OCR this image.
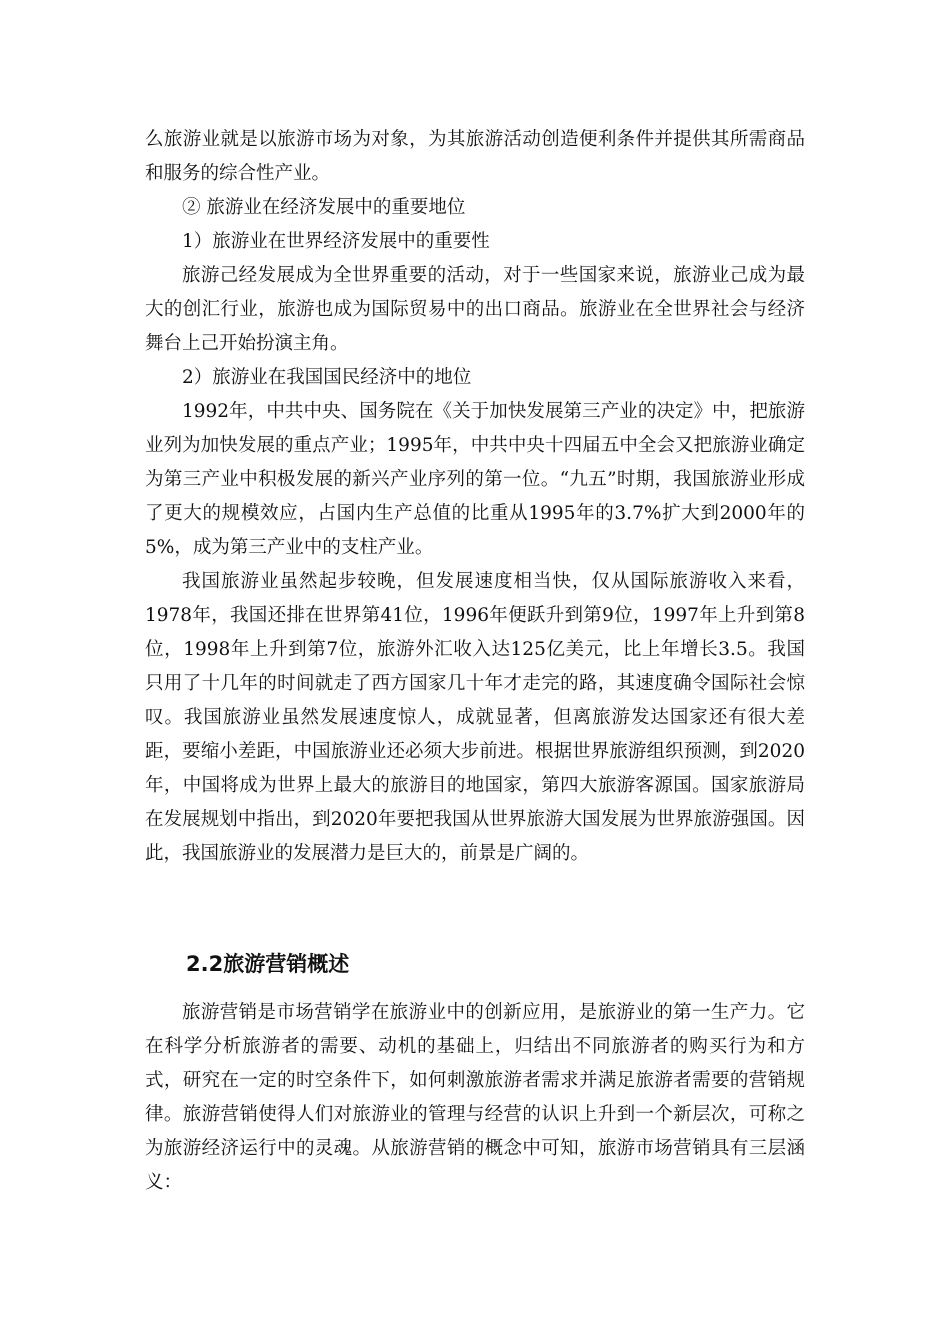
么旅游业就是以旅游市场为对象，为其旅游活动创造便利条件并提供其所需商品和服务的综合性产业。

② 旅游业在经济发展中的重要地位

1）旅游业在世界经济发展中的重要性

旅游己经发展成为全世界重要的活动，对于一些国家来说，旅游业己成为最大的创汇行业，旅游也成为国际贸易中的出口商品。旅游业在全世界社会与经济舞台上己开始扮演主角。

2）旅游业在我国国民经济中的地位

1992年，中共中央、国务院在《关于加快发展第三产业的决定》中，把旅游业列为加快发展的重点产业；1995年，中共中央十四届五中全会又把旅游业确定为第三产业中积极发展的新兴产业序列的第一位。“九五”时期，我国旅游业形成了更大的规模效应，占国内生产总值的比重从1995年的3.7%扩大到2000年的5%，成为第三产业中的支柱产业。

我国旅游业虽然起步较晚，但发展速度相当快，仅从国际旅游收入来看，1978年，我国还排在世界第41位，1996年便跃升到第9位，1997年上升到第8位，1998年上升到第7位，旅游外汇收入达125亿美元，比上年增长3.5。我国只用了十几年的时间就走了西方国家几十年才走完的路，其速度确令国际社会惊叹。我国旅游业虽然发展速度惊人，成就显著，但离旅游发达国家还有很大差距，要缩小差距，中国旅游业还必须大步前进。根据世界旅游组织预测，到2020年，中国将成为世界上最大的旅游目的地国家，第四大旅游客源国。国家旅游局在发展规划中指出，到2020年要把我国从世界旅游大国发展为世界旅游强国。因此，我国旅游业的发展潜力是巨大的，前景是广阔的。

2.2旅游营销概述

旅游营销是市场营销学在旅游业中的创新应用，是旅游业的第一生产力。它在科学分析旅游者的需要、动机的基础上，归结出不同旅游者的购买行为和方式，研究在一定的时空条件下，如何刺激旅游者需求并满足旅游者需要的营销规律。旅游营销使得人们对旅游业的管理与经营的认识上升到一个新层次，可称之为旅游经济运行中的灵魂。从旅游营销的概念中可知，旅游市场营销具有三层涵义：
